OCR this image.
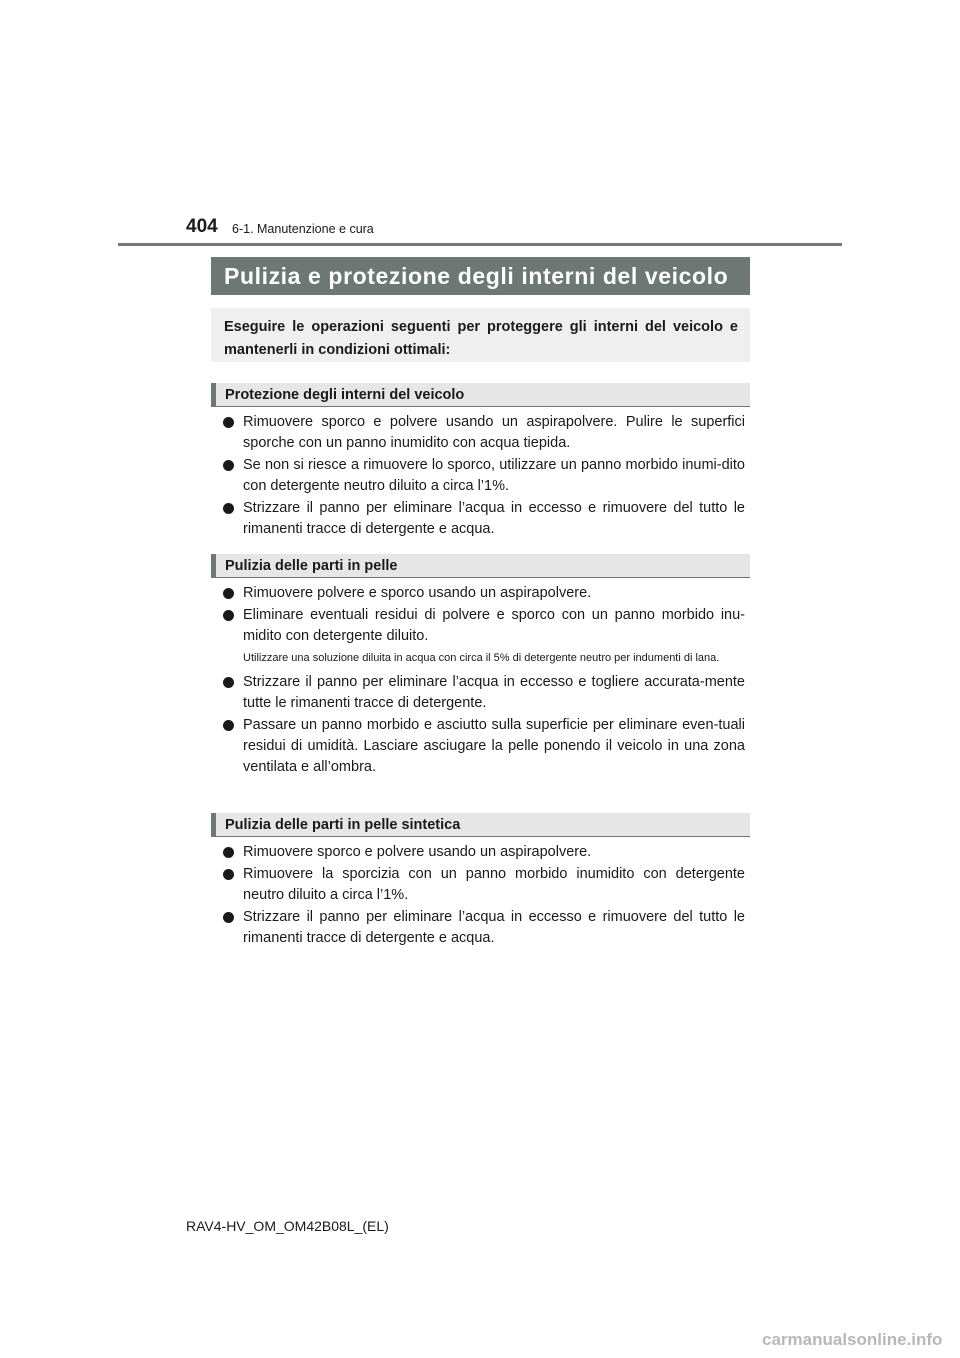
404 6-1. Manutenzione e cura
Pulizia e protezione degli interni del veicolo
Eseguire le operazioni seguenti per proteggere gli interni del veicolo e mantenerli in condizioni ottimali:
Protezione degli interni del veicolo
Rimuovere sporco e polvere usando un aspirapolvere. Pulire le superfici sporche con un panno inumidito con acqua tiepida.
Se non si riesce a rimuovere lo sporco, utilizzare un panno morbido inumi-dito con detergente neutro diluito a circa l’1%.
Strizzare il panno per eliminare l’acqua in eccesso e rimuovere del tutto le rimanenti tracce di detergente e acqua.
Pulizia delle parti in pelle
Rimuovere polvere e sporco usando un aspirapolvere.
Eliminare eventuali residui di polvere e sporco con un panno morbido inu-midito con detergente diluito.
Utilizzare una soluzione diluita in acqua con circa il 5% di detergente neutro per indumenti di lana.
Strizzare il panno per eliminare l’acqua in eccesso e togliere accurata-mente tutte le rimanenti tracce di detergente.
Passare un panno morbido e asciutto sulla superficie per eliminare even-tuali residui di umidità. Lasciare asciugare la pelle ponendo il veicolo in una zona ventilata e all’ombra.
Pulizia delle parti in pelle sintetica
Rimuovere sporco e polvere usando un aspirapolvere.
Rimuovere la sporcizia con un panno morbido inumidito con detergente neutro diluito a circa l’1%.
Strizzare il panno per eliminare l’acqua in eccesso e rimuovere del tutto le rimanenti tracce di detergente e acqua.
RAV4-HV_OM_OM42B08L_(EL)
carmanualsonline.info
